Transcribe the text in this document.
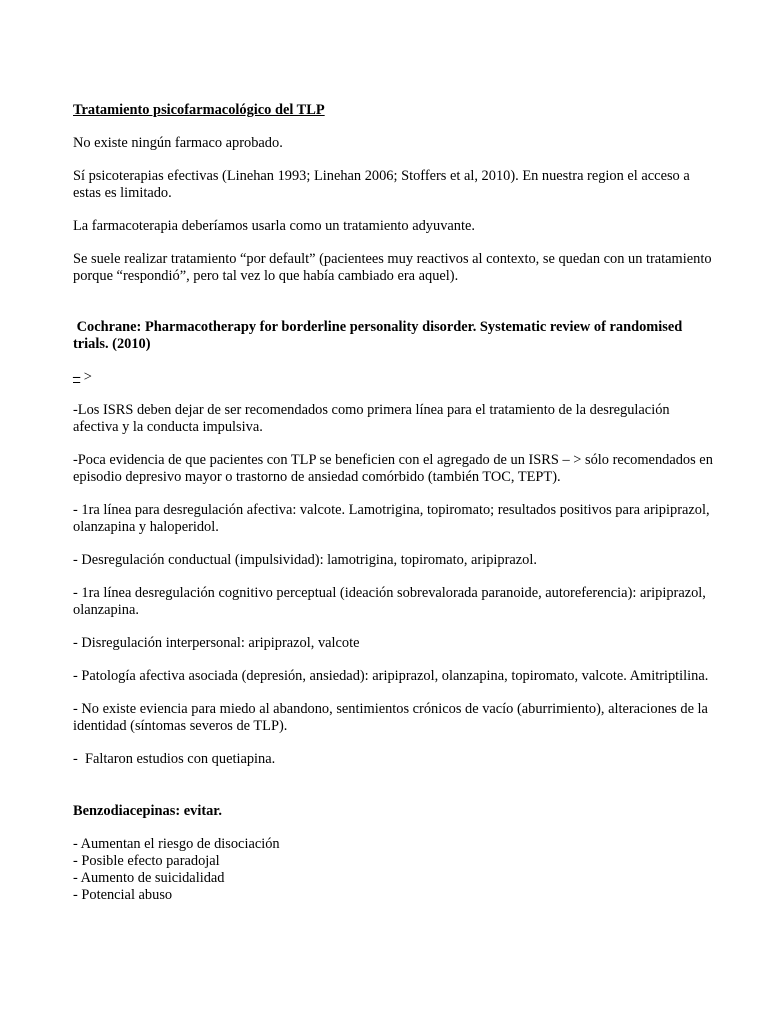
Tratamiento psicofarmacológico del TLP

No existe ningún farmaco aprobado.

Sí psicoterapias efectivas (Linehan 1993; Linehan 2006; Stoffers et al, 2010). En nuestra region el acceso a estas es limitado.

La farmacoterapia deberíamos usarla como un tratamiento adyuvante.

Se suele realizar tratamiento “por default” (pacientees muy reactivos al contexto, se quedan con un tratamiento porque “respondió”, pero tal vez lo que había cambiado era aquel).

Cochrane: Pharmacotherapy for borderline personality disorder. Systematic review of randomised trials. (2010)

– >

-Los ISRS deben dejar de ser recomendados como primera línea para el tratamiento de la desregulación afectiva y la conducta impulsiva.

-Poca evidencia de que pacientes con TLP se beneficien con el agregado de un ISRS – > sólo recomendados en episodio depresivo mayor o trastorno de ansiedad comórbido (también TOC, TEPT).

- 1ra línea para desregulación afectiva: valcote. Lamotrigina, topiromato; resultados positivos para aripiprazol, olanzapina y haloperidol.

- Desregulación conductual (impulsividad): lamotrigina, topiromato, aripiprazol.

- 1ra línea desregulación cognitivo perceptual (ideación sobrevalorada paranoide, autoreferencia): aripiprazol, olanzapina.

- Disregulación interpersonal: aripiprazol, valcote

- Patología afectiva asociada (depresión, ansiedad): aripiprazol, olanzapina, topiromato, valcote. Amitriptilina.

- No existe eviencia para miedo al abandono, sentimientos crónicos de vacío (aburrimiento), alteraciones de la identidad (síntomas severos de TLP).

-  Faltaron estudios con quetiapina.

Benzodiacepinas: evitar.

- Aumentan el riesgo de disociación

- Posible efecto paradojal

- Aumento de suicidalidad

- Potencial abuso
